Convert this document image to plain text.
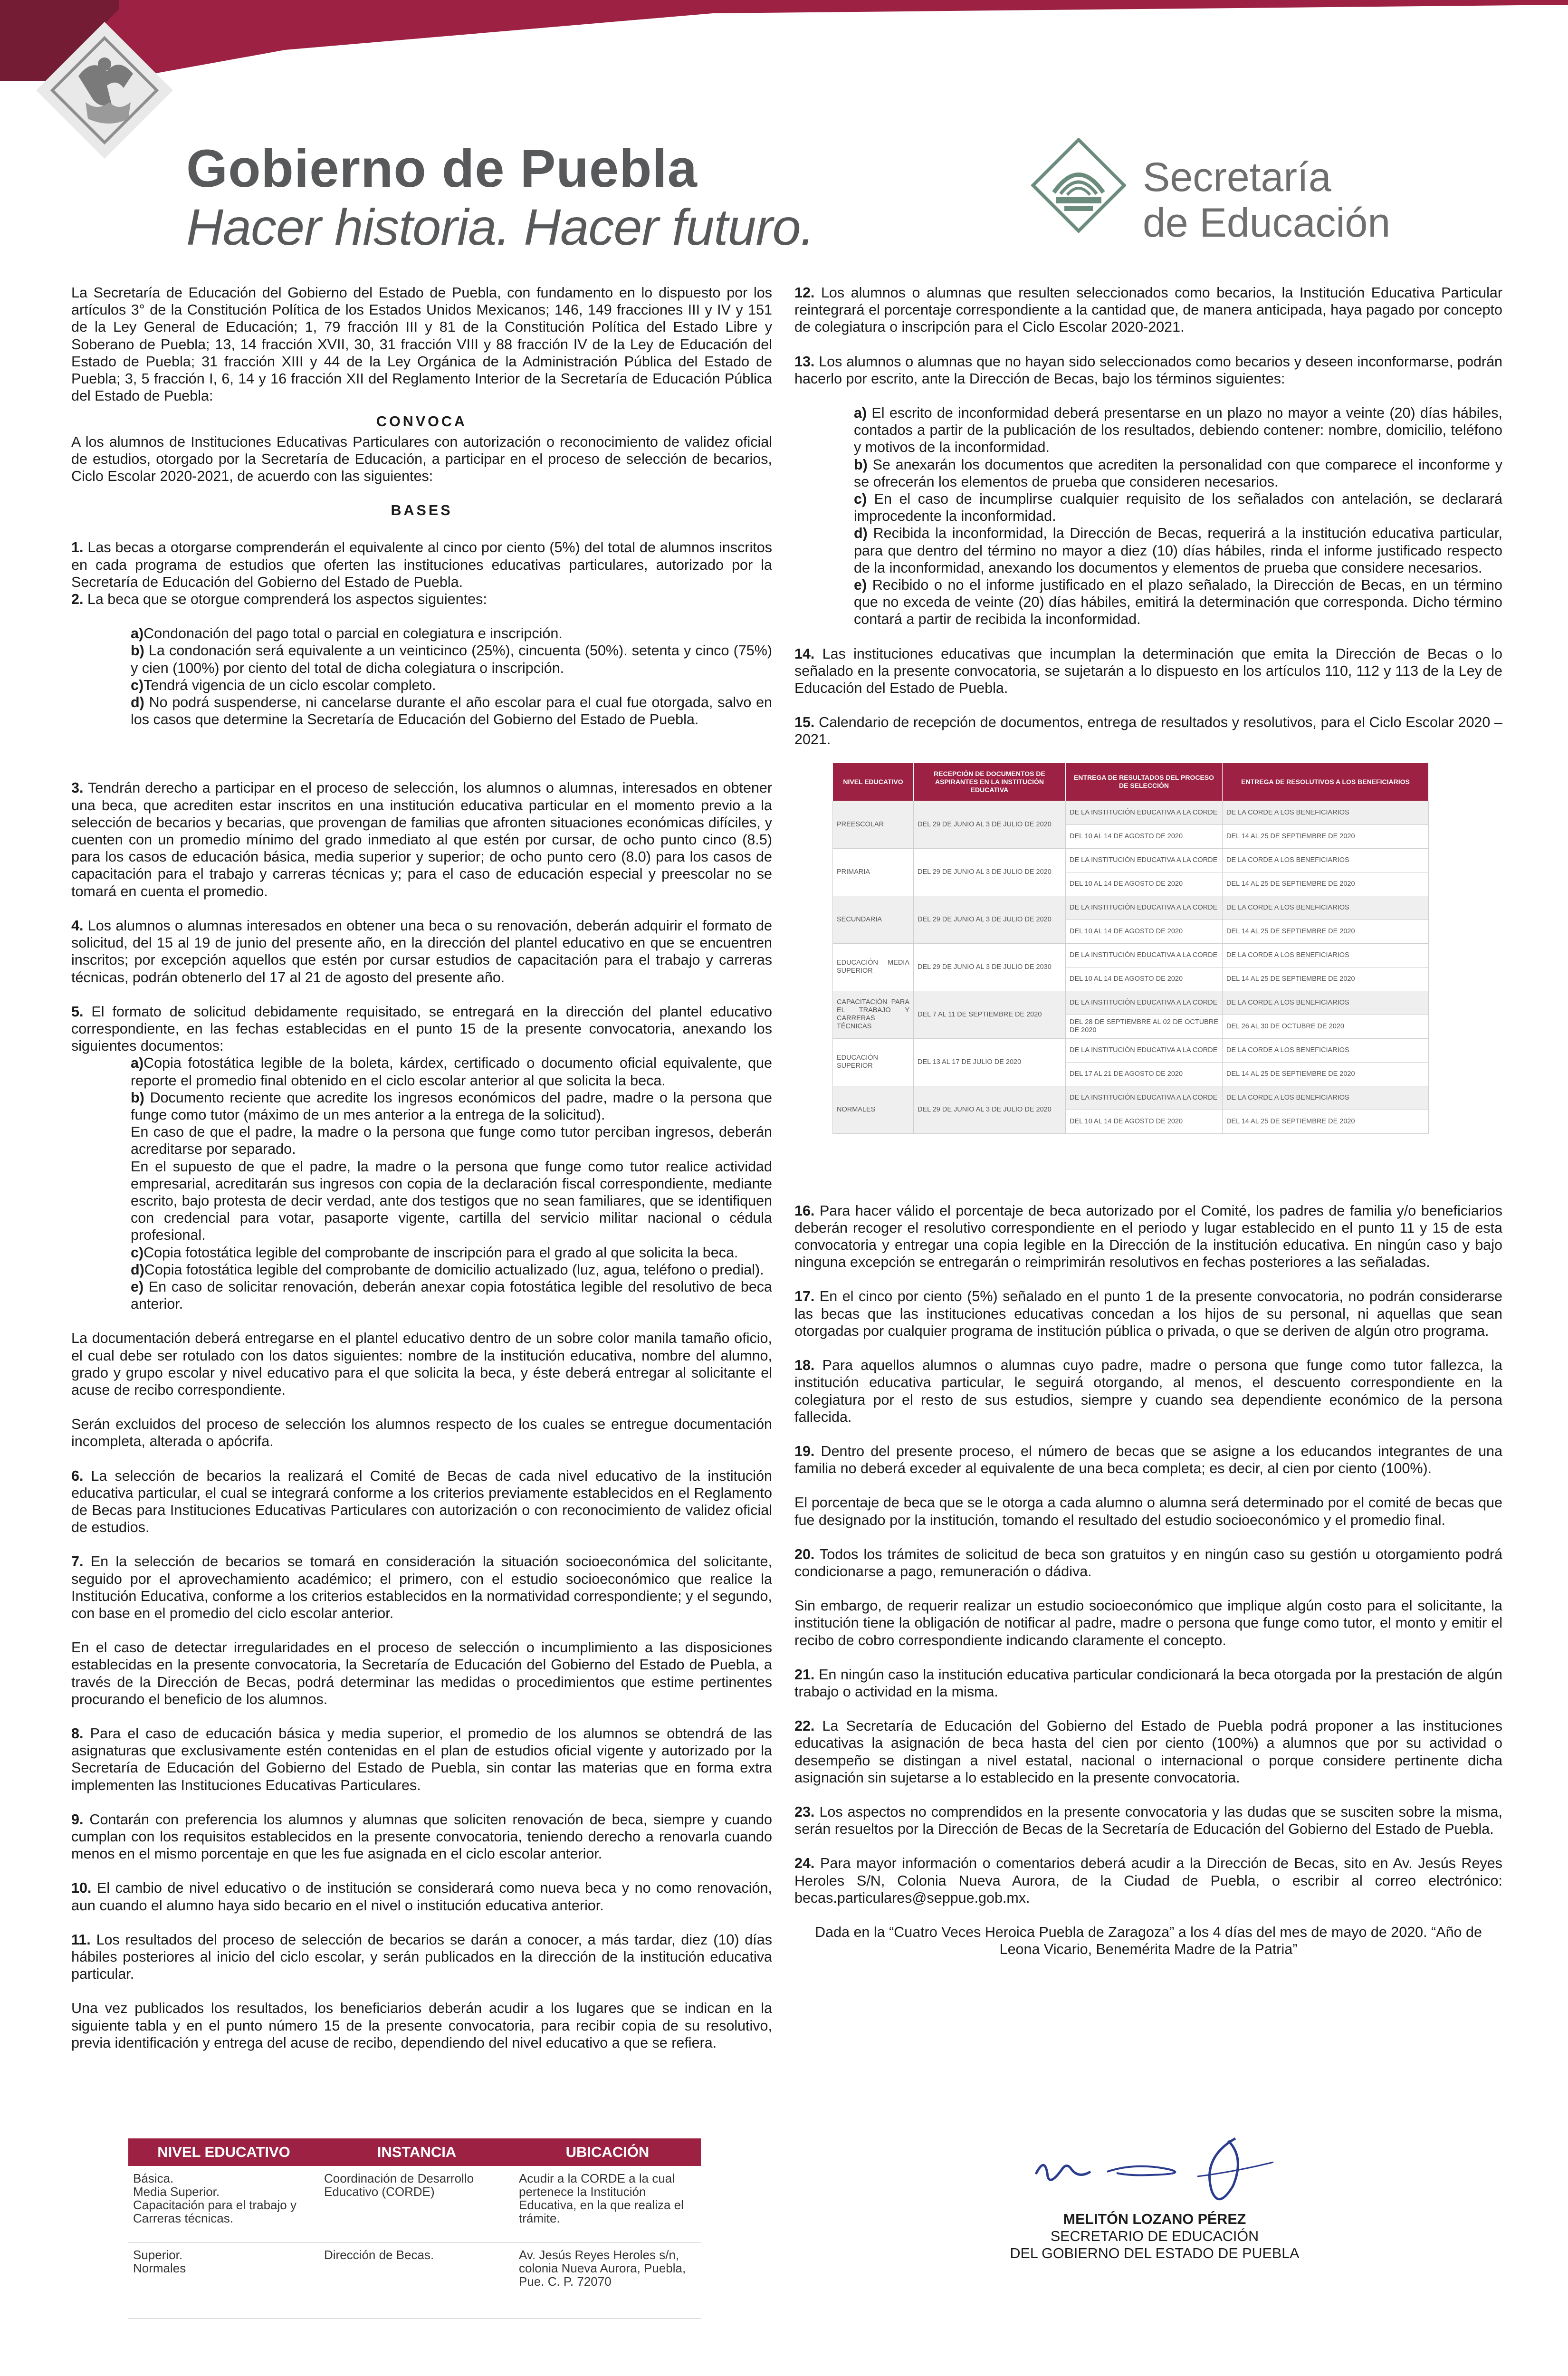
Gobierno de Puebla
Hacer historia. Hacer futuro.
Secretaría
de Educación

La Secretaría de Educación del Gobierno del Estado de Puebla, con fundamento en lo dispuesto por los artículos 3° de la Constitución Política de los Estados Unidos Mexicanos; 146, 149 fracciones III y IV y 151 de la Ley General de Educación; 1, 79 fracción III y 81 de la Constitución Política del Estado Libre y Soberano de Puebla; 13, 14 fracción XVII, 30, 31 fracción VIII y 88 fracción IV de la Ley de Educación del Estado de Puebla; 31 fracción XIII y 44 de la Ley Orgánica de la Administración Pública del Estado de Puebla; 3, 5 fracción I, 6, 14 y 16 fracción XII del Reglamento Interior de la Secretaría de Educación Pública del Estado de Puebla:

CONVOCA

A los alumnos de Instituciones Educativas Particulares con autorización o reconocimiento de validez oficial de estudios, otorgado por la Secretaría de Educación, a participar en el proceso de selección de becarios, Ciclo Escolar 2020-2021, de acuerdo con las siguientes:

BASES

1. Las becas a otorgarse comprenderán el equivalente al cinco por ciento (5%) del total de alumnos inscritos en cada programa de estudios que oferten las instituciones educativas particulares, autorizado por la Secretaría de Educación del Gobierno del Estado de Puebla.

2. La beca que se otorgue comprenderá los aspectos siguientes:

a)Condonación del pago total o parcial en colegiatura e inscripción.

b) La condonación será equivalente a un veinticinco (25%), cincuenta (50%). setenta y cinco (75%) y cien (100%) por ciento del total de dicha colegiatura o inscripción.

c)Tendrá vigencia de un ciclo escolar completo.

d) No podrá suspenderse, ni cancelarse durante el año escolar para el cual fue otorgada, salvo en los casos que determine la Secretaría de Educación del Gobierno del Estado de Puebla.

3. Tendrán derecho a participar en el proceso de selección, los alumnos o alumnas, interesados en obtener una beca, que acrediten estar inscritos en una institución educativa particular en el momento previo a la selección de becarios y becarias, que provengan de familias que afronten situaciones económicas difíciles, y cuenten con un promedio mínimo del grado inmediato al que estén por cursar, de ocho punto cinco (8.5) para los casos de educación básica, media superior y superior; de ocho punto cero (8.0) para los casos de capacitación para el trabajo y carreras técnicas y; para el caso de educación especial y preescolar no se tomará en cuenta el promedio.

4. Los alumnos o alumnas interesados en obtener una beca o su renovación, deberán adquirir el formato de solicitud, del 15 al 19 de junio del presente año, en la dirección del plantel educativo en que se encuentren inscritos; por excepción aquellos que estén por cursar estudios de capacitación para el trabajo y carreras técnicas, podrán obtenerlo del 17 al 21 de agosto del presente año.

5. El formato de solicitud debidamente requisitado, se entregará en la dirección del plantel educativo correspondiente, en las fechas establecidas en el punto 15 de la presente convocatoria, anexando los siguientes documentos:

a)Copia fotostática legible de la boleta, kárdex, certificado o documento oficial equivalente, que reporte el promedio final obtenido en el ciclo escolar anterior al que solicita la beca.

b) Documento reciente que acredite los ingresos económicos del padre, madre o la persona que funge como tutor (máximo de un mes anterior a la entrega de la solicitud).

En caso de que el padre, la madre o la persona que funge como tutor perciban ingresos, deberán acreditarse por separado.

En el supuesto de que el padre, la madre o la persona que funge como tutor realice actividad empresarial, acreditarán sus ingresos con copia de la declaración fiscal correspondiente, mediante escrito, bajo protesta de decir verdad, ante dos testigos que no sean familiares, que se identifiquen con credencial para votar, pasaporte vigente, cartilla del servicio militar nacional o cédula profesional.

c)Copia fotostática legible del comprobante de inscripción para el grado al que solicita la beca.

d)Copia fotostática legible del comprobante de domicilio actualizado (luz, agua, teléfono o predial).

e) En caso de solicitar renovación, deberán anexar copia fotostática legible del resolutivo de beca anterior.

La documentación deberá entregarse en el plantel educativo dentro de un sobre color manila tamaño oficio, el cual debe ser rotulado con los datos siguientes: nombre de la institución educativa, nombre del alumno, grado y grupo escolar y nivel educativo para el que solicita la beca, y éste deberá entregar al solicitante el acuse de recibo correspondiente.

Serán excluidos del proceso de selección los alumnos respecto de los cuales se entregue documentación incompleta, alterada o apócrifa.

6. La selección de becarios la realizará el Comité de Becas de cada nivel educativo de la institución educativa particular, el cual se integrará conforme a los criterios previamente establecidos en el Reglamento de Becas para Instituciones Educativas Particulares con autorización o con reconocimiento de validez oficial de estudios.

7. En la selección de becarios se tomará en consideración la situación socioeconómica del solicitante, seguido por el aprovechamiento académico; el primero, con el estudio socioeconómico que realice la Institución Educativa, conforme a los criterios establecidos en la normatividad correspondiente; y el segundo, con base en el promedio del ciclo escolar anterior.

En el caso de detectar irregularidades en el proceso de selección o incumplimiento a las disposiciones establecidas en la presente convocatoria, la Secretaría de Educación del Gobierno del Estado de Puebla, a través de la Dirección de Becas, podrá determinar las medidas o procedimientos que estime pertinentes procurando el beneficio de los alumnos.

8. Para el caso de educación básica y media superior, el promedio de los alumnos se obtendrá de las asignaturas que exclusivamente estén contenidas en el plan de estudios oficial vigente y autorizado por la Secretaría de Educación del Gobierno del Estado de Puebla, sin contar las materias que en forma extra implementen las Instituciones Educativas Particulares.

9. Contarán con preferencia los alumnos y alumnas que soliciten renovación de beca, siempre y cuando cumplan con los requisitos establecidos en la presente convocatoria, teniendo derecho a renovarla cuando menos en el mismo porcentaje en que les fue asignada en el ciclo escolar anterior.

10. El cambio de nivel educativo o de institución se considerará como nueva beca y no como renovación, aun cuando el alumno haya sido becario en el nivel o institución educativa anterior.

11. Los resultados del proceso de selección de becarios se darán a conocer, a más tardar, diez (10) días hábiles posteriores al inicio del ciclo escolar, y serán publicados en la dirección de la institución educativa particular.

Una vez publicados los resultados, los beneficiarios deberán acudir a los lugares que se indican en la siguiente tabla y en el punto número 15 de la presente convocatoria, para recibir copia de su resolutivo, previa identificación y entrega del acuse de recibo, dependiendo del nivel educativo a que se refiera.

NIVEL EDUCATIVO	INSTANCIA	UBICACIÓN
Básica.
Media Superior.
Capacitación para el trabajo y Carreras técnicas.	Coordinación de Desarrollo Educativo (CORDE)	Acudir a la CORDE a la cual pertenece la Institución Educativa, en la que realiza el trámite.
Superior.
Normales	Dirección de Becas.	Av. Jesús Reyes Heroles s/n, colonia Nueva Aurora, Puebla, Pue. C. P. 72070

12. Los alumnos o alumnas que resulten seleccionados como becarios, la Institución Educativa Particular reintegrará el porcentaje correspondiente a la cantidad que, de manera anticipada, haya pagado por concepto de colegiatura o inscripción para el Ciclo Escolar 2020-2021.

13. Los alumnos o alumnas que no hayan sido seleccionados como becarios y deseen inconformarse, podrán hacerlo por escrito, ante la Dirección de Becas, bajo los términos siguientes:

a) El escrito de inconformidad deberá presentarse en un plazo no mayor a veinte (20) días hábiles, contados a partir de la publicación de los resultados, debiendo contener: nombre, domicilio, teléfono y motivos de la inconformidad.

b) Se anexarán los documentos que acrediten la personalidad con que comparece el inconforme y se ofrecerán los elementos de prueba que consideren necesarios.

c) En el caso de incumplirse cualquier requisito de los señalados con antelación, se declarará improcedente la inconformidad.

d) Recibida la inconformidad, la Dirección de Becas, requerirá a la institución educativa particular, para que dentro del término no mayor a diez (10) días hábiles, rinda el informe justificado respecto de la inconformidad, anexando los documentos y elementos de prueba que considere necesarios.

e) Recibido o no el informe justificado en el plazo señalado, la Dirección de Becas, en un término que no exceda de veinte (20) días hábiles, emitirá la determinación que corresponda. Dicho término contará a partir de recibida la inconformidad.

14. Las instituciones educativas que incumplan la determinación que emita la Dirección de Becas o lo señalado en la presente convocatoria, se sujetarán a lo dispuesto en los artículos 110, 112 y 113 de la Ley de Educación del Estado de Puebla.

15. Calendario de recepción de documentos, entrega de resultados y resolutivos, para el Ciclo Escolar 2020 – 2021.

NIVEL EDUCATIVO	RECEPCIÓN DE DOCUMENTOS DE ASPIRANTES EN LA INSTITUCIÓN EDUCATIVA	ENTREGA DE RESULTADOS DEL PROCESO DE SELECCIÓN	ENTREGA DE RESOLUTIVOS A LOS BENEFICIARIOS
PREESCOLAR	DEL 29 DE JUNIO AL 3 DE JULIO DE 2020	DE LA INSTITUCIÓN EDUCATIVA A LA CORDE	DE LA CORDE A LOS BENEFICIARIOS
		DEL 10 AL 14 DE AGOSTO DE 2020	DEL 14 AL 25 DE SEPTIEMBRE DE 2020
PRIMARIA	DEL 29 DE JUNIO AL 3 DE JULIO DE 2020	DE LA INSTITUCIÓN EDUCATIVA A LA CORDE	DE LA CORDE A LOS BENEFICIARIOS
		DEL 10 AL 14 DE AGOSTO DE 2020	DEL 14 AL 25 DE SEPTIEMBRE DE 2020
SECUNDARIA	DEL 29 DE JUNIO AL 3 DE JULIO DE 2020	DE LA INSTITUCIÓN EDUCATIVA A LA CORDE	DE LA CORDE A LOS BENEFICIARIOS
		DEL 10 AL 14 DE AGOSTO DE 2020	DEL 14 AL 25 DE SEPTIEMBRE DE 2020
EDUCACIÓN MEDIA SUPERIOR	DEL 29 DE JUNIO AL 3 DE JULIO DE 2030	DE LA INSTITUCIÓN EDUCATIVA A LA CORDE	DE LA CORDE A LOS BENEFICIARIOS
		DEL 10 AL 14 DE AGOSTO DE 2020	DEL 14 AL 25 DE SEPTIEMBRE DE 2020
CAPACITACIÓN PARA EL TRABAJO Y CARRERAS TÉCNICAS	DEL 7 AL 11 DE SEPTIEMBRE DE 2020	DE LA INSTITUCIÓN EDUCATIVA A LA CORDE	DE LA CORDE A LOS BENEFICIARIOS
		DEL 28 DE SEPTIEMBRE AL 02 DE OCTUBRE DE 2020	DEL 26 AL 30 DE OCTUBRE DE 2020
EDUCACIÓN SUPERIOR	DEL 13 AL 17 DE JULIO DE 2020	DE LA INSTITUCIÓN EDUCATIVA A LA CORDE	DE LA CORDE A LOS BENEFICIARIOS
		DEL 17 AL 21 DE AGOSTO DE 2020	DEL 14 AL 25 DE SEPTIEMBRE DE 2020
NORMALES	DEL 29 DE JUNIO AL 3 DE JULIO DE 2020	DE LA INSTITUCIÓN EDUCATIVA A LA CORDE	DE LA CORDE A LOS BENEFICIARIOS
		DEL 10 AL 14 DE AGOSTO DE 2020	DEL 14 AL 25 DE SEPTIEMBRE DE 2020

16. Para hacer válido el porcentaje de beca autorizado por el Comité, los padres de familia y/o beneficiarios deberán recoger el resolutivo correspondiente en el periodo y lugar establecido en el punto 11 y 15 de esta convocatoria y entregar una copia legible en la Dirección de la institución educativa. En ningún caso y bajo ninguna excepción se entregarán o reimprimirán resolutivos en fechas posteriores a las señaladas.

17. En el cinco por ciento (5%) señalado en el punto 1 de la presente convocatoria, no podrán considerarse las becas que las instituciones educativas concedan a los hijos de su personal, ni aquellas que sean otorgadas por cualquier programa de institución pública o privada, o que se deriven de algún otro programa.

18. Para aquellos alumnos o alumnas cuyo padre, madre o persona que funge como tutor fallezca, la institución educativa particular, le seguirá otorgando, al menos, el descuento correspondiente en la colegiatura por el resto de sus estudios, siempre y cuando sea dependiente económico de la persona fallecida.

19. Dentro del presente proceso, el número de becas que se asigne a los educandos integrantes de una familia no deberá exceder al equivalente de una beca completa; es decir, al cien por ciento (100%).

El porcentaje de beca que se le otorga a cada alumno o alumna será determinado por el comité de becas que fue designado por la institución, tomando el resultado del estudio socioeconómico y el promedio final.

20. Todos los trámites de solicitud de beca son gratuitos y en ningún caso su gestión u otorgamiento podrá condicionarse a pago, remuneración o dádiva.

Sin embargo, de requerir realizar un estudio socioeconómico que implique algún costo para el solicitante, la institución tiene la obligación de notificar al padre, madre o persona que funge como tutor, el monto y emitir el recibo de cobro correspondiente indicando claramente el concepto.

21. En ningún caso la institución educativa particular condicionará la beca otorgada por la prestación de algún trabajo o actividad en la misma.

22. La Secretaría de Educación del Gobierno del Estado de Puebla podrá proponer a las instituciones educativas la asignación de beca hasta del cien por ciento (100%) a alumnos que por su actividad o desempeño se distingan a nivel estatal, nacional o internacional o porque considere pertinente dicha asignación sin sujetarse a lo establecido en la presente convocatoria.

23. Los aspectos no comprendidos en la presente convocatoria y las dudas que se susciten sobre la misma, serán resueltos por la Dirección de Becas de la Secretaría de Educación del Gobierno del Estado de Puebla.

24. Para mayor información o comentarios deberá acudir a la Dirección de Becas, sito en Av. Jesús Reyes Heroles S/N, Colonia Nueva Aurora, de la Ciudad de Puebla, o escribir al correo electrónico: becas.particulares@seppue.gob.mx.

Dada en la “Cuatro Veces Heroica Puebla de Zaragoza” a los 4 días del mes de mayo de 2020. “Año de Leona Vicario, Benemérita Madre de la Patria”

MELITÓN LOZANO PÉREZ
SECRETARIO DE EDUCACIÓN
DEL GOBIERNO DEL ESTADO DE PUEBLA
